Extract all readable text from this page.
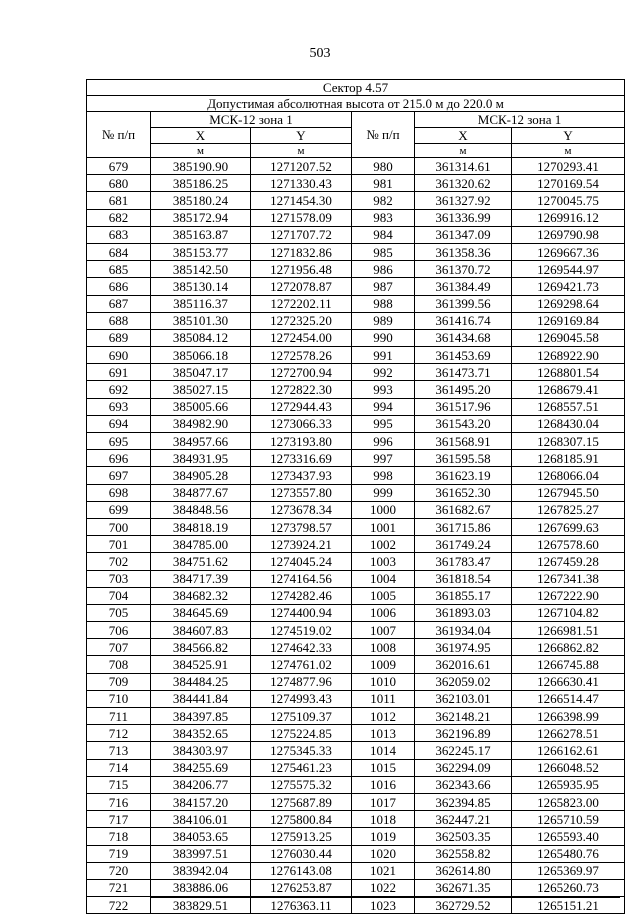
503
Сектор 4.57					
Допустимая абсолютная высота от 215.0 м до 220.0 м					
№ п/п	МСК-12 зона 1		№ п/п	МСК-12 зона 1	
	X	Y		X	Y
	м	м		м	м
679	385190.90	1271207.52	980	361314.61	1270293.41
680	385186.25	1271330.43	981	361320.62	1270169.54
681	385180.24	1271454.30	982	361327.92	1270045.75
682	385172.94	1271578.09	983	361336.99	1269916.12
683	385163.87	1271707.72	984	361347.09	1269790.98
684	385153.77	1271832.86	985	361358.36	1269667.36
685	385142.50	1271956.48	986	361370.72	1269544.97
686	385130.14	1272078.87	987	361384.49	1269421.73
687	385116.37	1272202.11	988	361399.56	1269298.64
688	385101.30	1272325.20	989	361416.74	1269169.84
689	385084.12	1272454.00	990	361434.68	1269045.58
690	385066.18	1272578.26	991	361453.69	1268922.90
691	385047.17	1272700.94	992	361473.71	1268801.54
692	385027.15	1272822.30	993	361495.20	1268679.41
693	385005.66	1272944.43	994	361517.96	1268557.51
694	384982.90	1273066.33	995	361543.20	1268430.04
695	384957.66	1273193.80	996	361568.91	1268307.15
696	384931.95	1273316.69	997	361595.58	1268185.91
697	384905.28	1273437.93	998	361623.19	1268066.04
698	384877.67	1273557.80	999	361652.30	1267945.50
699	384848.56	1273678.34	1000	361682.67	1267825.27
700	384818.19	1273798.57	1001	361715.86	1267699.63
701	384785.00	1273924.21	1002	361749.24	1267578.60
702	384751.62	1274045.24	1003	361783.47	1267459.28
703	384717.39	1274164.56	1004	361818.54	1267341.38
704	384682.32	1274282.46	1005	361855.17	1267222.90
705	384645.69	1274400.94	1006	361893.03	1267104.82
706	384607.83	1274519.02	1007	361934.04	1266981.51
707	384566.82	1274642.33	1008	361974.95	1266862.82
708	384525.91	1274761.02	1009	362016.61	1266745.88
709	384484.25	1274877.96	1010	362059.02	1266630.41
710	384441.84	1274993.43	1011	362103.01	1266514.47
711	384397.85	1275109.37	1012	362148.21	1266398.99
712	384352.65	1275224.85	1013	362196.89	1266278.51
713	384303.97	1275345.33	1014	362245.17	1266162.61
714	384255.69	1275461.23	1015	362294.09	1266048.52
715	384206.77	1275575.32	1016	362343.66	1265935.95
716	384157.20	1275687.89	1017	362394.85	1265823.00
717	384106.01	1275800.84	1018	362447.21	1265710.59
718	384053.65	1275913.25	1019	362503.35	1265593.40
719	383997.51	1276030.44	1020	362558.82	1265480.76
720	383942.04	1276143.08	1021	362614.80	1265369.97
721	383886.06	1276253.87	1022	362671.35	1265260.73
722	383829.51	1276363.11	1023	362729.52	1265151.21
